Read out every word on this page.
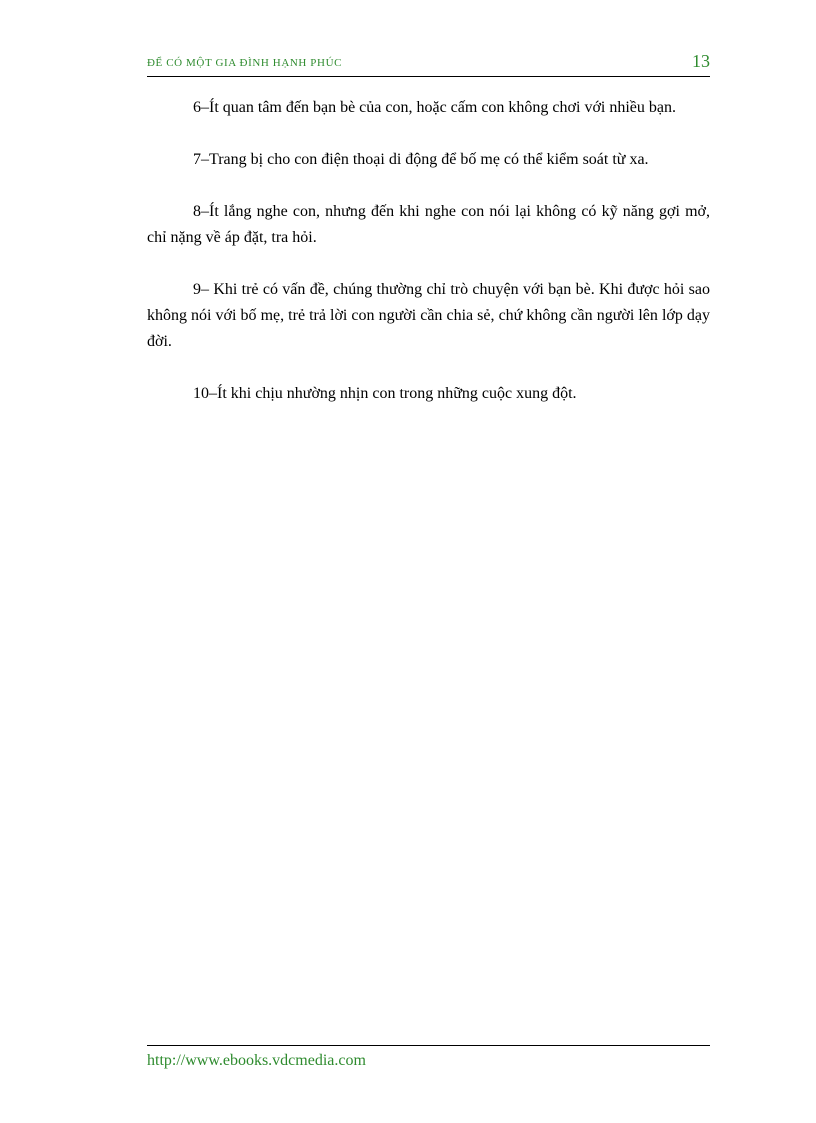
ĐỂ CÓ MỘT GIA ĐÌNH HẠNH PHÚC	13

6–Ít quan tâm đến bạn bè của con, hoặc cấm con không chơi với nhiều bạn.

7–Trang bị cho con điện thoại di động để bố mẹ có thể kiểm soát từ xa.

8–Ít lắng nghe con, nhưng đến khi nghe con nói lại không có kỹ năng gợi mở, chỉ nặng về áp đặt, tra hỏi.

9– Khi trẻ có vấn đề, chúng thường chỉ trò chuyện với bạn bè. Khi được hỏi sao không nói với bố mẹ, trẻ trả lời con người cần chia sẻ, chứ không cần người lên lớp dạy đời.

10–Ít khi chịu nhường nhịn con trong những cuộc xung đột.

http://www.ebooks.vdcmedia.com
